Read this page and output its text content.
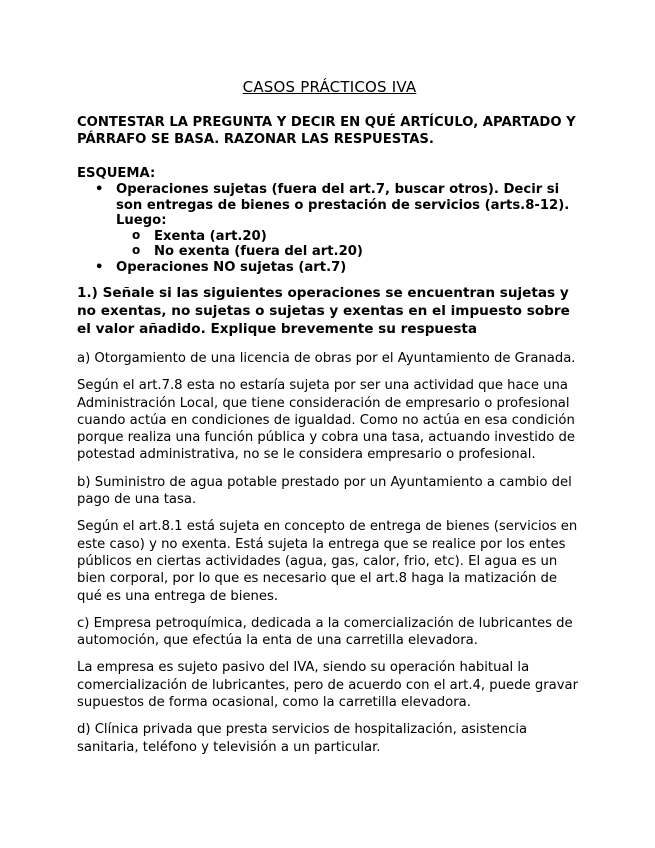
CASOS PRÁCTICOS IVA

CONTESTAR LA PREGUNTA Y DECIR EN QUÉ ARTÍCULO, APARTADO Y PÁRRAFO SE BASA. RAZONAR LAS RESPUESTAS.

ESQUEMA:

• Operaciones sujetas (fuera del art.7, buscar otros). Decir si son entregas de bienes o prestación de servicios (arts.8-12). Luego:
o Exenta (art.20)
o No exenta (fuera del art.20)
• Operaciones NO sujetas (art.7)

1.) Señale si las siguientes operaciones se encuentran sujetas y no exentas, no sujetas o sujetas y exentas en el impuesto sobre el valor añadido. Explique brevemente su respuesta

a) Otorgamiento de una licencia de obras por el Ayuntamiento de Granada.

Según el art.7.8 esta no estaría sujeta por ser una actividad que hace una Administración Local, que tiene consideración de empresario o profesional cuando actúa en condiciones de igualdad. Como no actúa en esa condición porque realiza una función pública y cobra una tasa, actuando investido de potestad administrativa, no se le considera empresario o profesional.

b) Suministro de agua potable prestado por un Ayuntamiento a cambio del pago de una tasa.

Según el art.8.1 está sujeta en concepto de entrega de bienes (servicios en este caso) y no exenta. Está sujeta la entrega que se realice por los entes públicos en ciertas actividades (agua, gas, calor, frio, etc). El agua es un bien corporal, por lo que es necesario que el art.8 haga la matización de qué es una entrega de bienes.

c) Empresa petroquímica, dedicada a la comercialización de lubricantes de automoción, que efectúa la enta de una carretilla elevadora.

La empresa es sujeto pasivo del IVA, siendo su operación habitual la comercialización de lubricantes, pero de acuerdo con el art.4, puede gravar supuestos de forma ocasional, como la carretilla elevadora.

d) Clínica privada que presta servicios de hospitalización, asistencia sanitaria, teléfono y televisión a un particular.
